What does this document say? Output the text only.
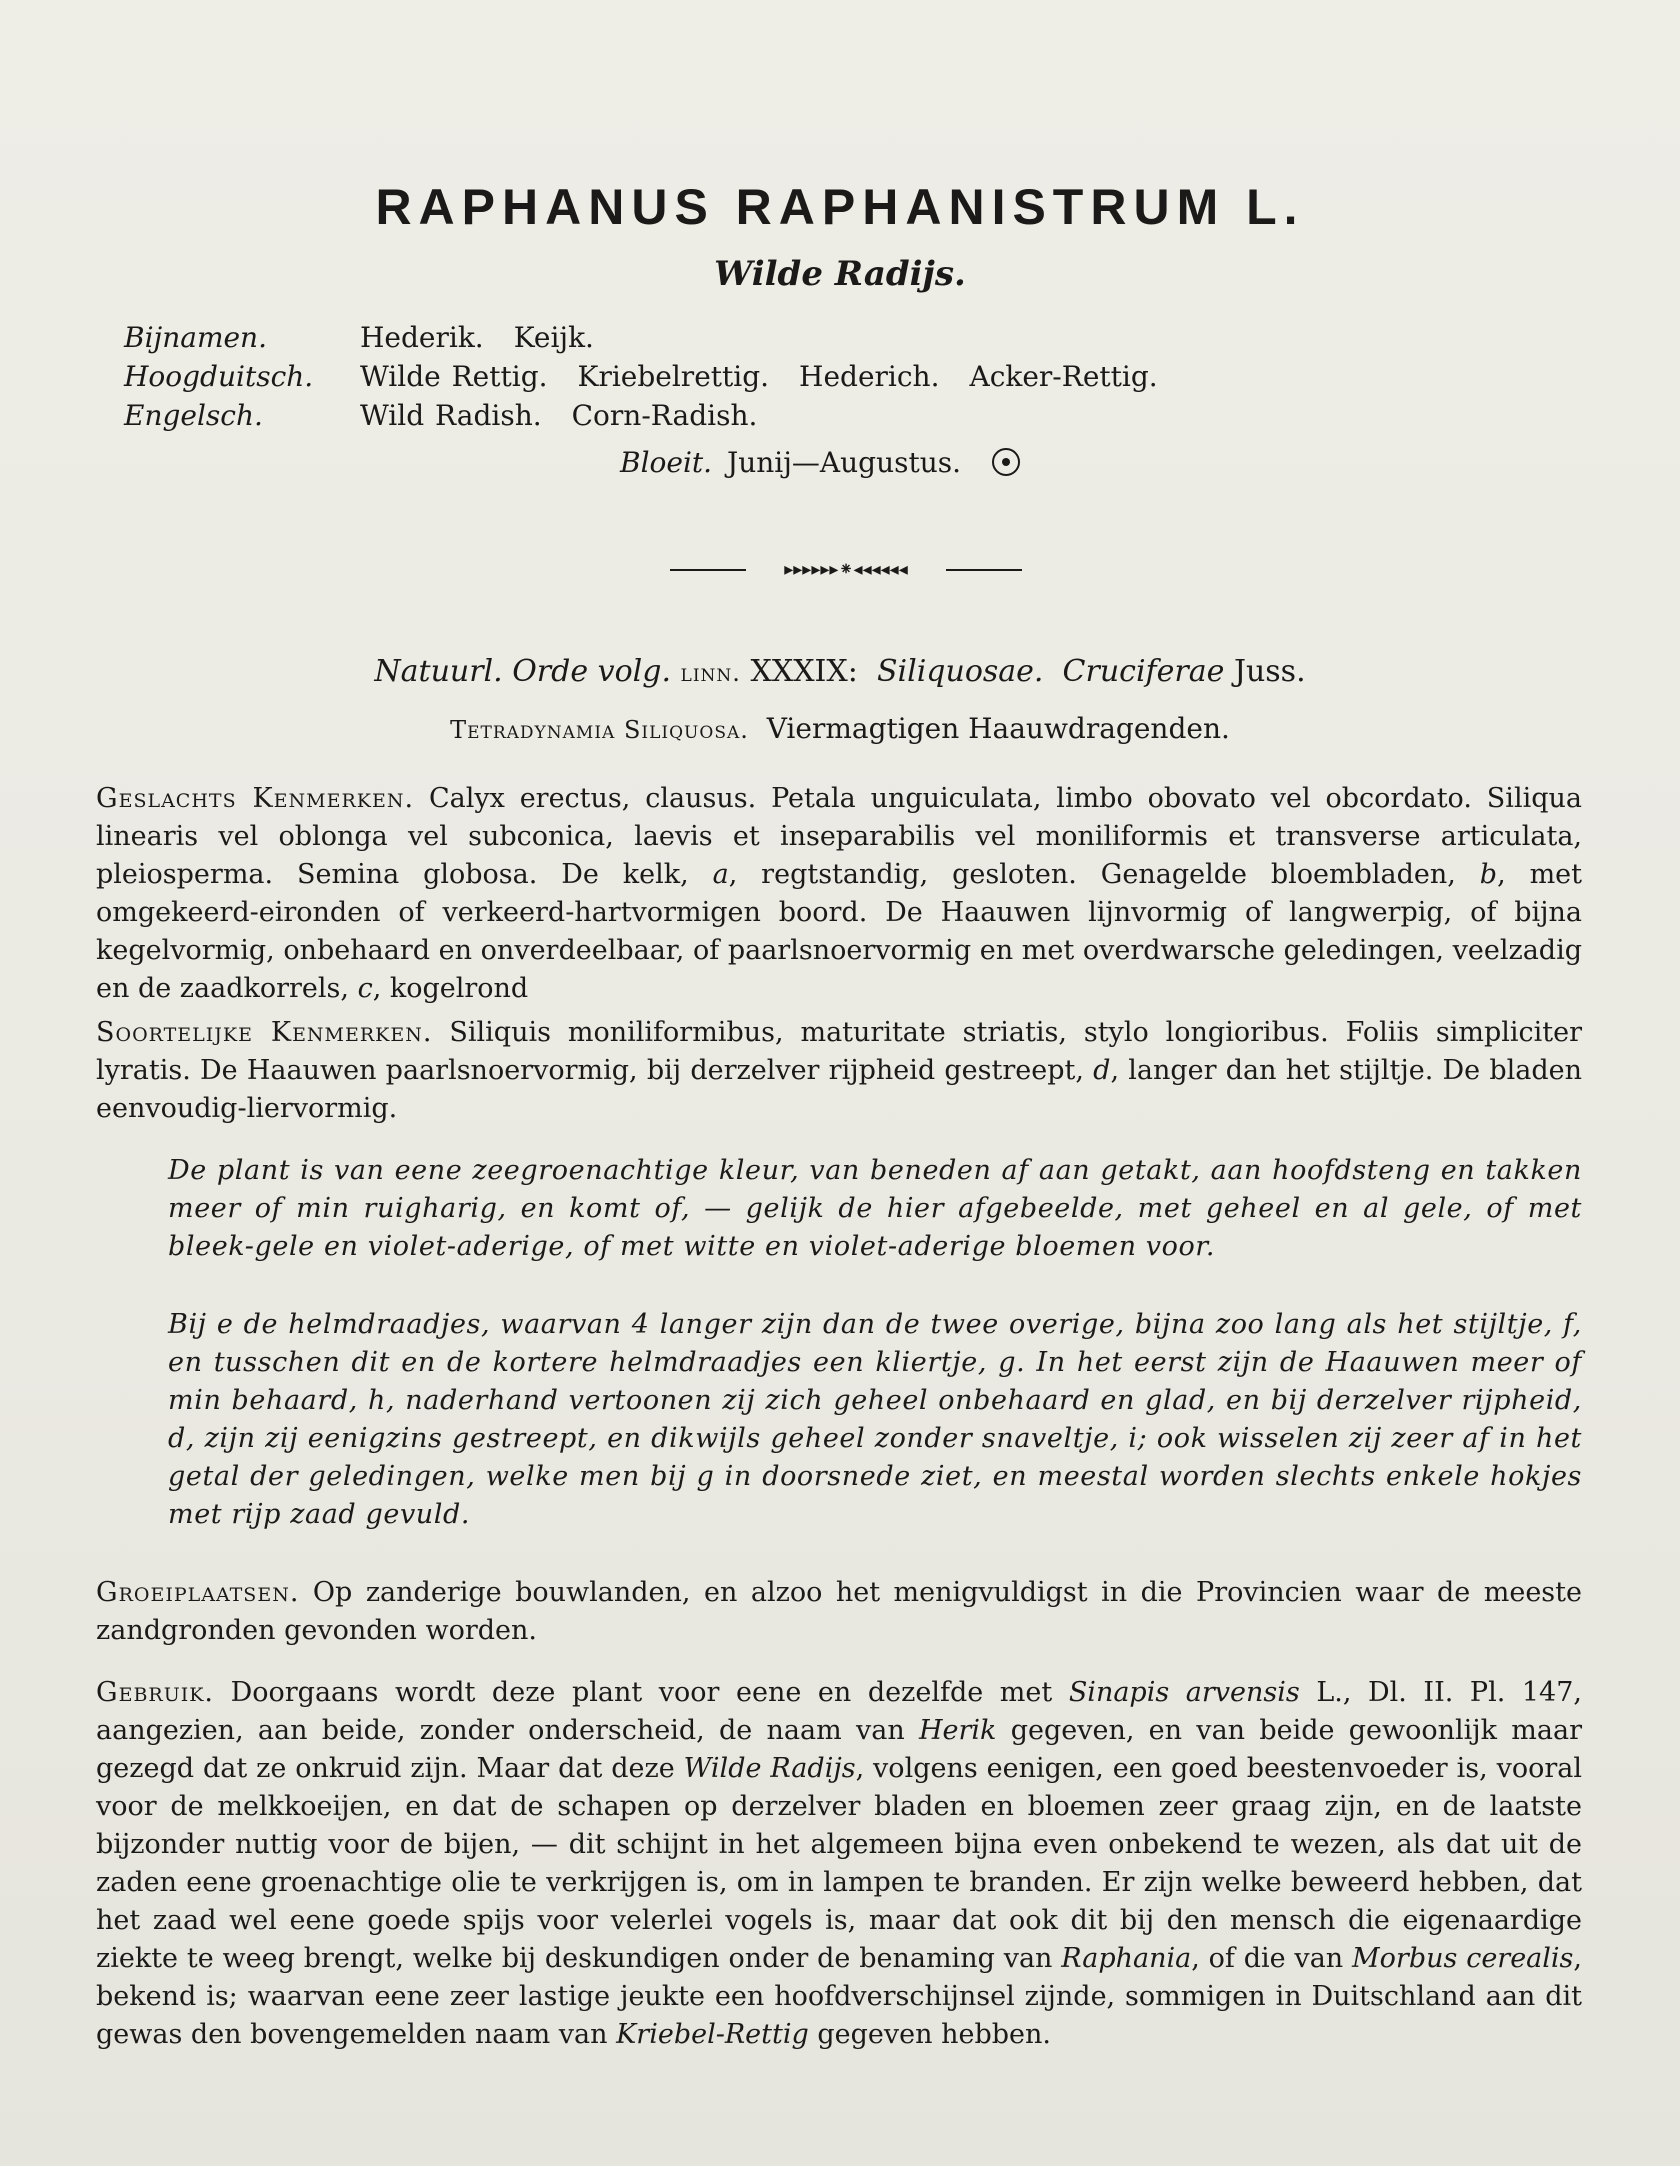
RAPHANUS RAPHANISTRUM L.
Wilde Radijs.
Bijnamen.	Hederik. Keijk.
Hoogduitsch. Wilde Rettig. Kriebelrettig. Hederich. Acker-Rettig.
Engelsch.	Wild Radish. Corn-Radish.
Bloeit. Junij—Augustus.
▸▸▸▸▸▸⁕◂◂◂◂◂◂
Natuurl. Orde volg. linn. XXXIX: Siliquosae. Cruciferae Juss.
Tetradynamia Siliquosa. Viermagtigen Haauwdragenden.
Geslachts Kenmerken. Calyx erectus, clausus. Petala unguiculata, limbo obovato vel obcordato. Siliqua linearis vel oblonga vel subconica, laevis et inseparabilis vel moniliformis et transverse articulata, pleiosperma. Semina globosa. De kelk, a, regtstandig, gesloten. Genagelde bloembladen, b, met omgekeerd-eironden of verkeerd-hartvormigen boord. De Haauwen lijnvormig of langwerpig, of bijna kegelvormig, onbehaard en onverdeelbaar, of paarlsnoervormig en met overdwarsche geledingen, veelzadig en de zaadkorrels, c, kogelrond
Soortelijke Kenmerken. Siliquis moniliformibus, maturitate striatis, stylo longioribus. Foliis simpliciter lyratis. De Haauwen paarlsnoervormig, bij derzelver rijpheid gestreept, d, langer dan het stijltje. De bladen eenvoudig-liervormig.
De plant is van eene zeegroenachtige kleur, van beneden af aan getakt, aan hoofdsteng en takken meer of min ruigharig, en komt of, — gelijk de hier afgebeelde, met geheel en al gele, of met bleek-gele en violet-aderige, of met witte en violet-aderige bloemen voor.
Bij e de helmdraadjes, waarvan 4 langer zijn dan de twee overige, bijna zoo lang als het stijltje, f, en tusschen dit en de kortere helmdraadjes een kliertje, g. In het eerst zijn de Haauwen meer of min behaard, h, naderhand vertoonen zij zich geheel onbehaard en glad, en bij derzelver rijpheid, d, zijn zij eenigzins gestreept, en dikwijls geheel zonder snaveltje, i; ook wisselen zij zeer af in het getal der geledingen, welke men bij g in doorsnede ziet, en meestal worden slechts enkele hokjes met rijp zaad gevuld.
Groeiplaatsen. Op zanderige bouwlanden, en alzoo het menigvuldigst in die Provincien waar de meeste zandgronden gevonden worden.
Gebruik. Doorgaans wordt deze plant voor eene en dezelfde met Sinapis arvensis L., Dl. II. Pl. 147, aangezien, aan beide, zonder onderscheid, de naam van Herik gegeven, en van beide gewoonlijk maar gezegd dat ze onkruid zijn. Maar dat deze Wilde Radijs, volgens eenigen, een goed beestenvoeder is, vooral voor de melkkoeijen, en dat de schapen op derzelver bladen en bloemen zeer graag zijn, en de laatste bijzonder nuttig voor de bijen, — dit schijnt in het algemeen bijna even onbekend te wezen, als dat uit de zaden eene groenachtige olie te verkrijgen is, om in lampen te branden. Er zijn welke beweerd hebben, dat het zaad wel eene goede spijs voor velerlei vogels is, maar dat ook dit bij den mensch die eigenaardige ziekte te weeg brengt, welke bij deskundigen onder de benaming van Raphania, of die van Morbus cerealis, bekend is; waarvan eene zeer lastige jeukte een hoofdverschijnsel zijnde, sommigen in Duitschland aan dit gewas den bovengemelden naam van Kriebel-Rettig gegeven hebben.
